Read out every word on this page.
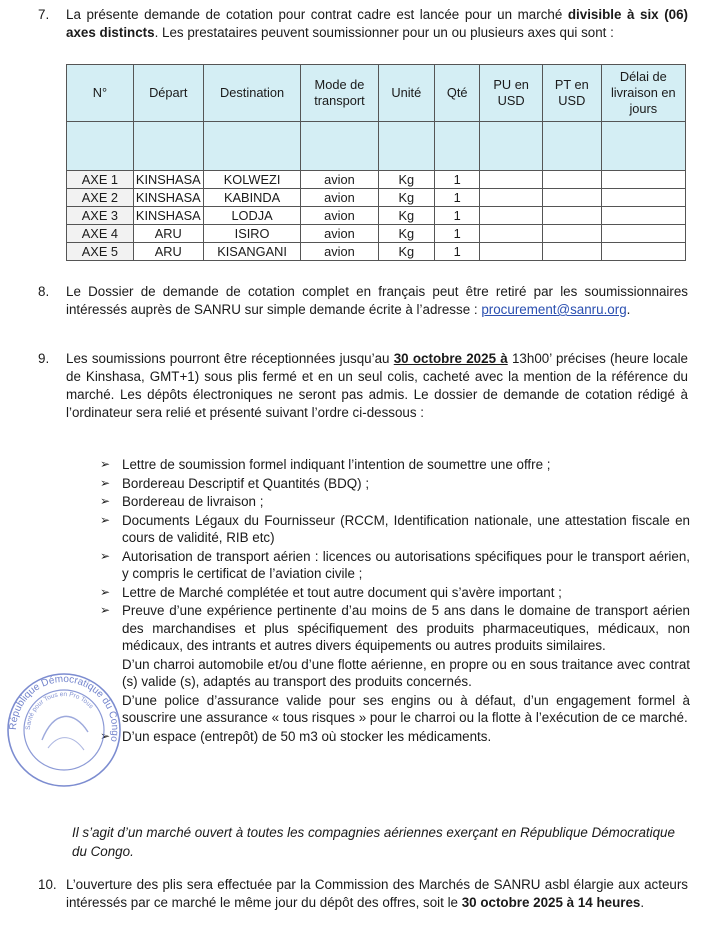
7. La présente demande de cotation pour contrat cadre est lancée pour un marché divisible à six (06) axes distincts. Les prestataires peuvent soumissionner pour un ou plusieurs axes qui sont :
N°	Départ	Destination	Mode de transport	Unité	Qté	PU en USD	PT en USD	Délai de livraison en jours

AXE 1	KINSHASA	KOLWEZI	avion	Kg	1			
AXE 2	KINSHASA	KABINDA	avion	Kg	1			
AXE 3	KINSHASA	LODJA	avion	Kg	1			
AXE 4	ARU	ISIRO	avion	Kg	1			
AXE 5	ARU	KISANGANI	avion	Kg	1			
8. Le Dossier de demande de cotation complet en français peut être retiré par les soumissionnaires intéressés auprès de SANRU sur simple demande écrite à l’adresse : procurement@sanru.org.
9. Les soumissions pourront être réceptionnées jusqu’au 30 octobre 2025 à 13h00’ précises (heure locale de Kinshasa, GMT+1) sous plis fermé et en un seul colis, cacheté avec la mention de la référence du marché. Les dépôts électroniques ne seront pas admis. Le dossier de demande de cotation rédigé à l’ordinateur sera relié et présenté suivant l’ordre ci-dessous :
➢ Lettre de soumission formel indiquant l’intention de soumettre une offre ;
➢ Bordereau Descriptif et Quantités (BDQ) ;
➢ Bordereau de livraison ;
➢ Documents Légaux du Fournisseur (RCCM, Identification nationale, une attestation fiscale en cours de validité, RIB etc)
➢ Autorisation de transport aérien : licences ou autorisations spécifiques pour le transport aérien, y compris le certificat de l’aviation civile ;
➢ Lettre de Marché complétée et tout autre document qui s’avère important ;
➢ Preuve d’une expérience pertinente d’au moins de 5 ans dans le domaine de transport aérien des marchandises et plus spécifiquement des produits pharmaceutiques, médicaux, non médicaux, des intrants et autres divers équipements ou autres produits similaires.
D’un charroi automobile et/ou d’une flotte aérienne, en propre ou en sous traitance avec contrat (s) valide (s), adaptés au transport des produits concernés.
D’une police d’assurance valide pour ses engins ou à défaut, d’un engagement formel à souscrire une assurance « tous risques » pour le charroi ou la flotte à l’exécution de ce marché.
➢ D’un espace (entrepôt) de 50 m3 où stocker les médicaments.
République Démocratique du Congo
Santé pour Tous en Pro Tous
Il s’agit d’un marché ouvert à toutes les compagnies aériennes exerçant en République Démocratique du Congo.
10. L’ouverture des plis sera effectuée par la Commission des Marchés de SANRU asbl élargie aux acteurs intéressés par ce marché le même jour du dépôt des offres, soit le 30 octobre 2025 à 14 heures.
